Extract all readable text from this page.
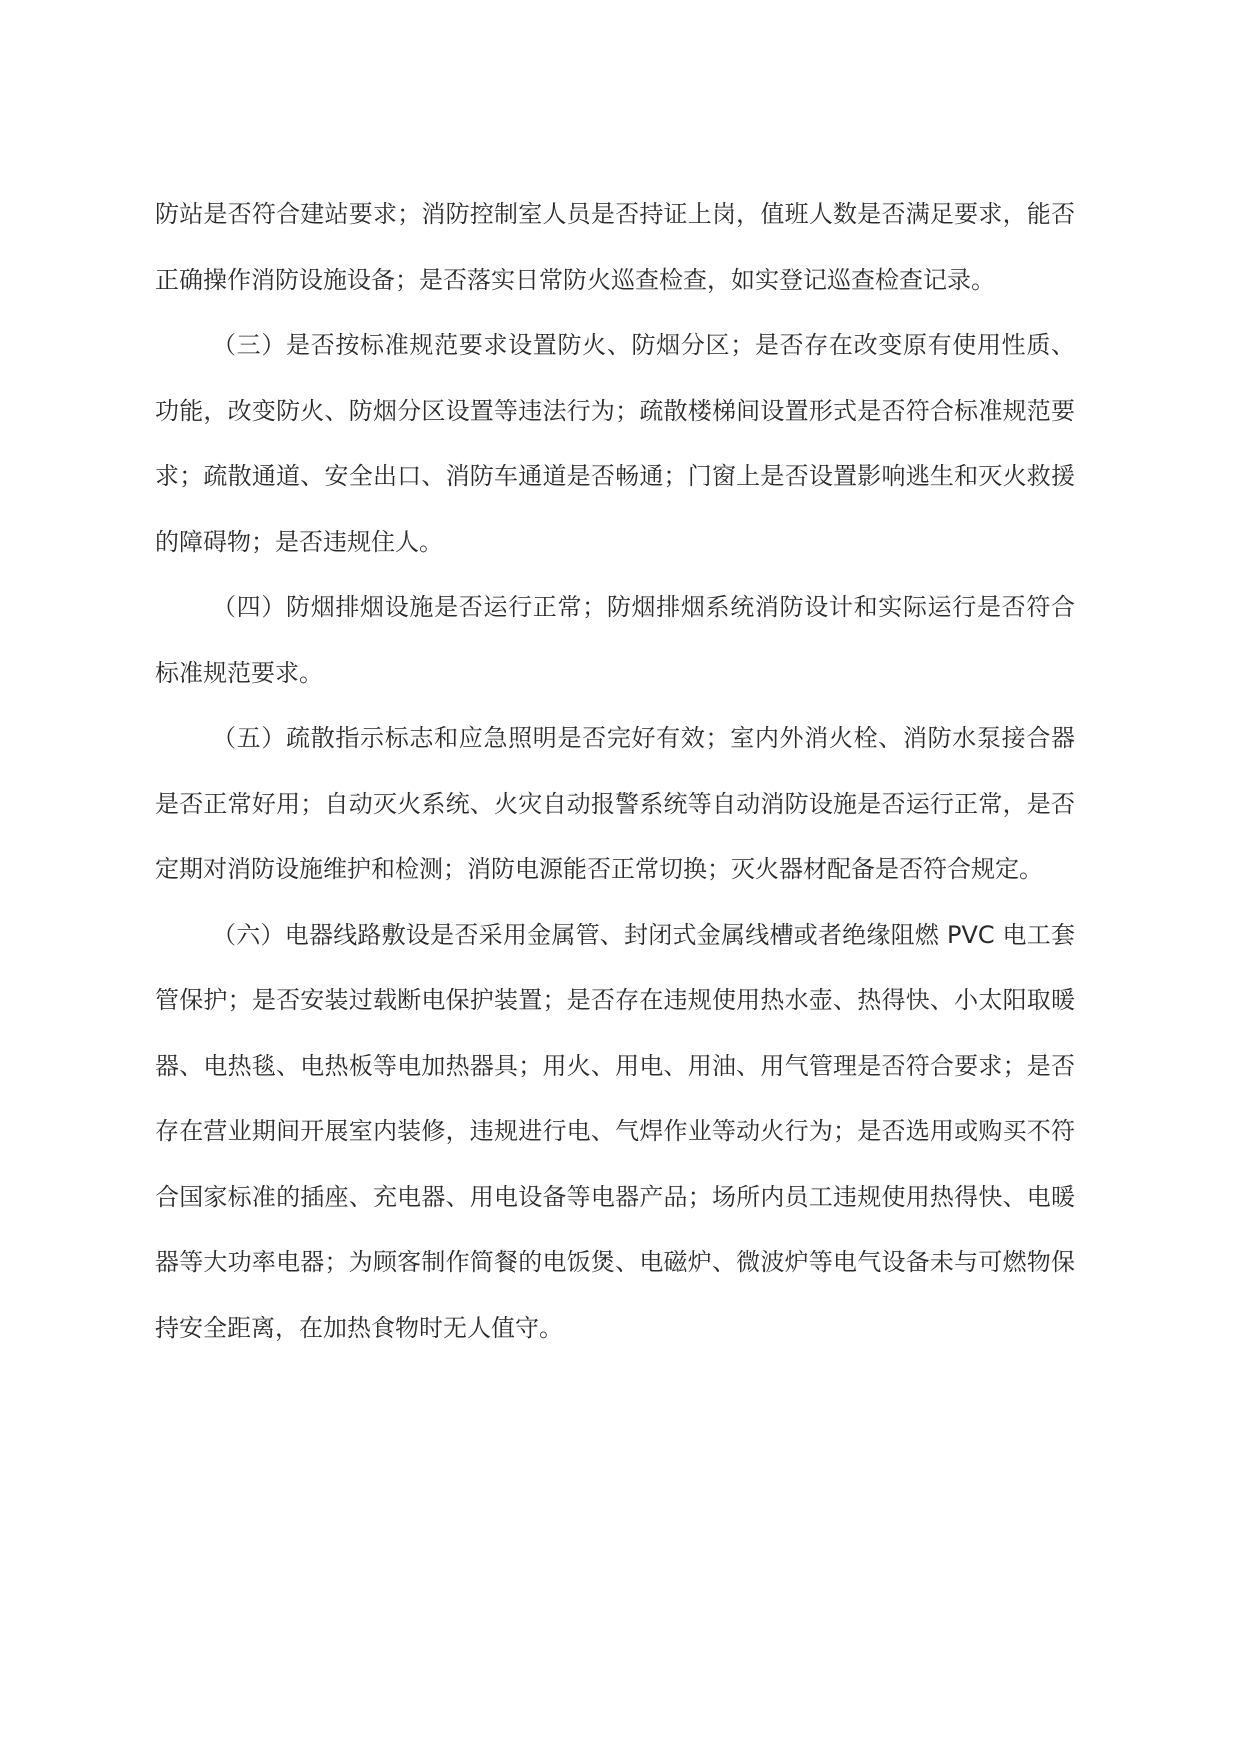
防站是否符合建站要求；消防控制室人员是否持证上岗，值班人数是否满足要求，能否正确操作消防设施设备；是否落实日常防火巡查检查，如实登记巡查检查记录。

（三）是否按标准规范要求设置防火、防烟分区；是否存在改变原有使用性质、功能，改变防火、防烟分区设置等违法行为；疏散楼梯间设置形式是否符合标准规范要求；疏散通道、安全出口、消防车通道是否畅通；门窗上是否设置影响逃生和灭火救援的障碍物；是否违规住人。

（四）防烟排烟设施是否运行正常；防烟排烟系统消防设计和实际运行是否符合标准规范要求。

（五）疏散指示标志和应急照明是否完好有效；室内外消火栓、消防水泵接合器是否正常好用；自动灭火系统、火灾自动报警系统等自动消防设施是否运行正常，是否定期对消防设施维护和检测；消防电源能否正常切换；灭火器材配备是否符合规定。

（六）电器线路敷设是否采用金属管、封闭式金属线槽或者绝缘阻燃 PVC 电工套管保护；是否安装过载断电保护装置；是否存在违规使用热水壶、热得快、小太阳取暖器、电热毯、电热板等电加热器具；用火、用电、用油、用气管理是否符合要求；是否存在营业期间开展室内装修，违规进行电、气焊作业等动火行为；是否选用或购买不符合国家标准的插座、充电器、用电设备等电器产品；场所内员工违规使用热得快、电暖器等大功率电器；为顾客制作简餐的电饭煲、电磁炉、微波炉等电气设备未与可燃物保持安全距离，在加热食物时无人值守。
